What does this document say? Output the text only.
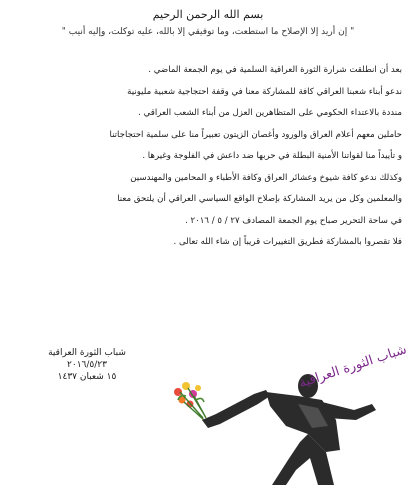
بسم الله الرحمن الرحيم
" إن أريد إلا الإصلاح ما استطعت، وما توفيقي إلا بالله، عليه توكلت، وإليه أنيب "

بعد أن انطلقت شرارة الثورة العراقية السلمية في يوم الجمعة الماضي .

ندعو أبناء شعبنا العراقي كافة للمشاركة معنا في وقفة احتجاجية شعبية مليونية

منددة بالاعتداء الحكومي على المتظاهرين العزل من أبناء الشعب العراقي .

حاملين معهم أعلام العراق والورود وأغصان الزيتون تعبيراً منا على سلمية احتجاجاتنا

و تأييداً منا لقواتنا الأمنية البطلة في حربها ضد داعش في الفلوجة وغيرها .

وكذلك ندعو كافة شيوخ وعشائر العراق وكافة الأطباء و المحامين والمهندسين

والمعلمين وكل من يريد المشاركة بإصلاح الواقع السياسي العراقي أن يلتحق معنا

في ساحة التحرير صباح يوم الجمعة المصادف ٢٧ / ٥ / ٢٠١٦ .

فلا تقصروا بالمشاركة فطريق التغييرات قريباً إن شاء الله تعالى .

شباب الثورة العراقية
٢٠١٦/٥/٢٣
١٥ شعبان ١٤٣٧	شباب الثورة العراقية
